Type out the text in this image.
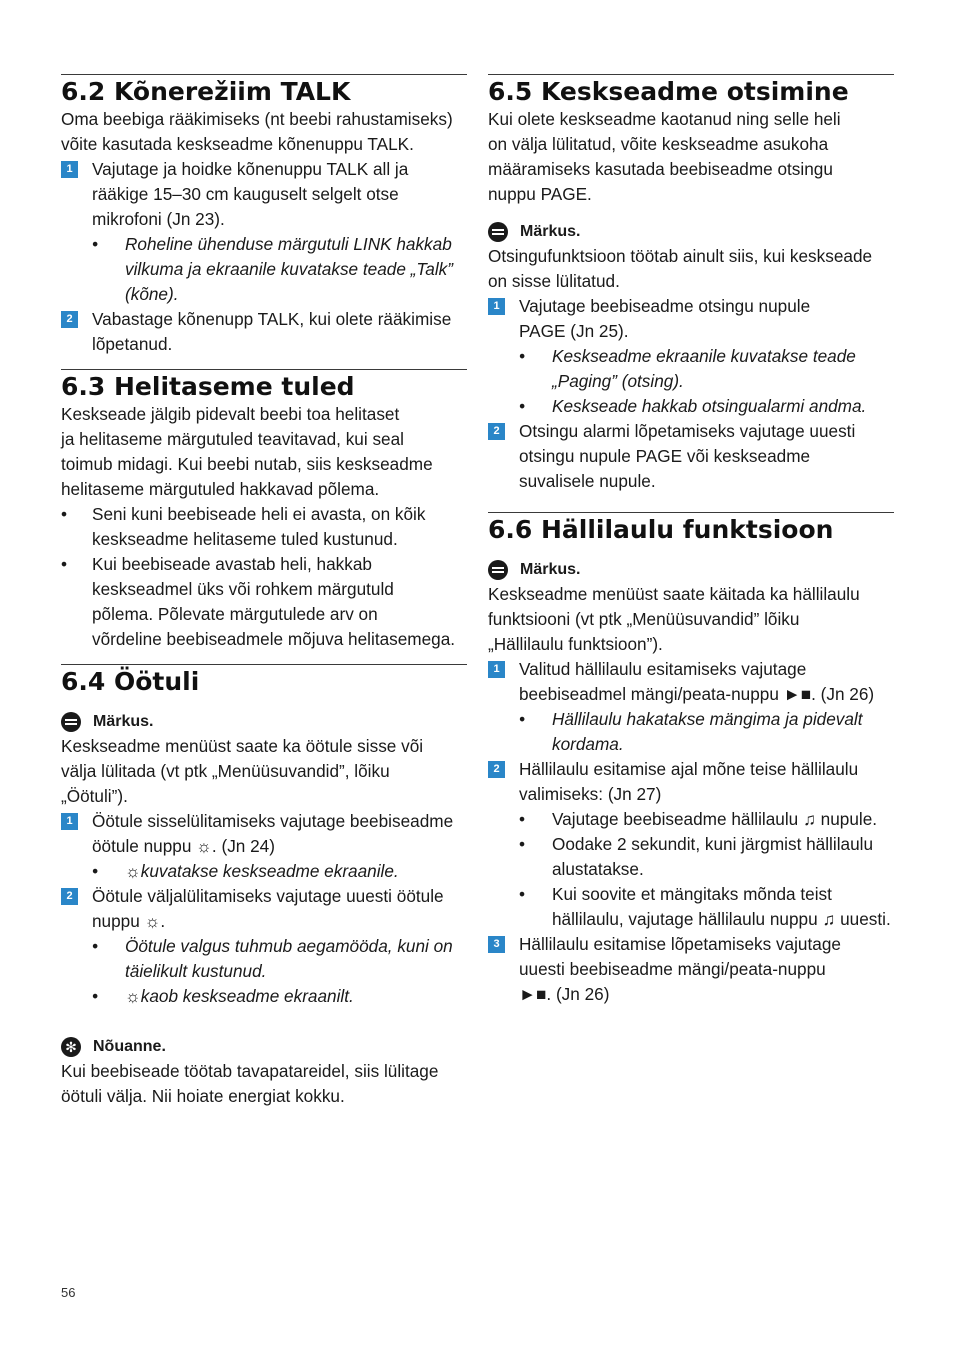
6.2 Kõnerežiim TALK

Oma beebiga rääkimiseks (nt beebi rahustamiseks)
võite kasutada keskseadme kõnenuppu TALK.

1	Vajutage ja hoidke kõnenuppu TALK all ja
rääkige 15–30 cm kauguselt selgelt otse
mikrofoni (Jn 23).
• Roheline ühenduse märgutuli LINK hakkab
vilkuma ja ekraanile kuvatakse teade „Talk”
(kõne).
2	Vabastage kõnenupp TALK, kui olete rääkimise
lõpetanud.
6.3 Helitaseme tuled

Keskseade jälgib pidevalt beebi toa helitaset
ja helitaseme märgutuled teavitavad, kui seal
toimub midagi. Kui beebi nutab, siis keskseadme
helitaseme märgutuled hakkavad põlema.

• Seni kuni beebiseade heli ei avasta, on kõik
keskseadme helitaseme tuled kustunud.
• Kui beebiseade avastab heli, hakkab
keskseadmel üks või rohkem märgutuld
põlema. Põlevate märgutulede arv on
võrdeline beebiseadmele mõjuva helitasemega.
6.4 Öötuli

Märkus.

Keskseadme menüüst saate ka öötule sisse või
välja lülitada (vt ptk „Menüüsuvandid”, lõiku
„Öötuli”).

1	Öötule sisselülitamiseks vajutage beebiseadme
öötule nuppu ☼. (Jn 24)
• ☼kuvatakse keskseadme ekraanile.
2	Öötule väljalülitamiseks vajutage uuesti öötule
nuppu ☼.
• Öötule valgus tuhmub aegamööda, kuni on
täielikult kustunud.
• ☼kaob keskseadme ekraanilt.

✻ Nõuanne.

Kui beebiseade töötab tavapatareidel, siis lülitage
öötuli välja. Nii hoiate energiat kokku.

6.5 Keskseadme otsimine

Kui olete keskseadme kaotanud ning selle heli
on välja lülitatud, võite keskseadme asukoha
määramiseks kasutada beebiseadme otsingu
nuppu PAGE.

Märkus.

Otsingufunktsioon töötab ainult siis, kui keskseade
on sisse lülitatud.

1	Vajutage beebiseadme otsingu nupule
PAGE (Jn 25).
• Keskseadme ekraanile kuvatakse teade
„Paging” (otsing).
• Keskseade hakkab otsingualarmi andma.
2	Otsingu alarmi lõpetamiseks vajutage uuesti
otsingu nupule PAGE või keskseadme
suvalisele nupule.
6.6 Hällilaulu funktsioon

Märkus.

Keskseadme menüüst saate käitada ka hällilaulu
funktsiooni (vt ptk „Menüüsuvandid” lõiku
„Hällilaulu funktsioon”).

1	Valitud hällilaulu esitamiseks vajutage
beebiseadmel mängi/peata-nuppu ►■. (Jn 26)
• Hällilaulu hakatakse mängima ja pidevalt
kordama.
2	Hällilaulu esitamise ajal mõne teise hällilaulu
valimiseks: (Jn 27)
• Vajutage beebiseadme hällilaulu ♫ nupule.
• Oodake 2 sekundit, kuni järgmist hällilaulu
alustatakse.
• Kui soovite et mängitaks mõnda teist
hällilaulu, vajutage hällilaulu nuppu ♫ uuesti.
3	Hällilaulu esitamise lõpetamiseks vajutage
uuesti beebiseadme mängi/peata-nuppu
►■. (Jn 26)
56
